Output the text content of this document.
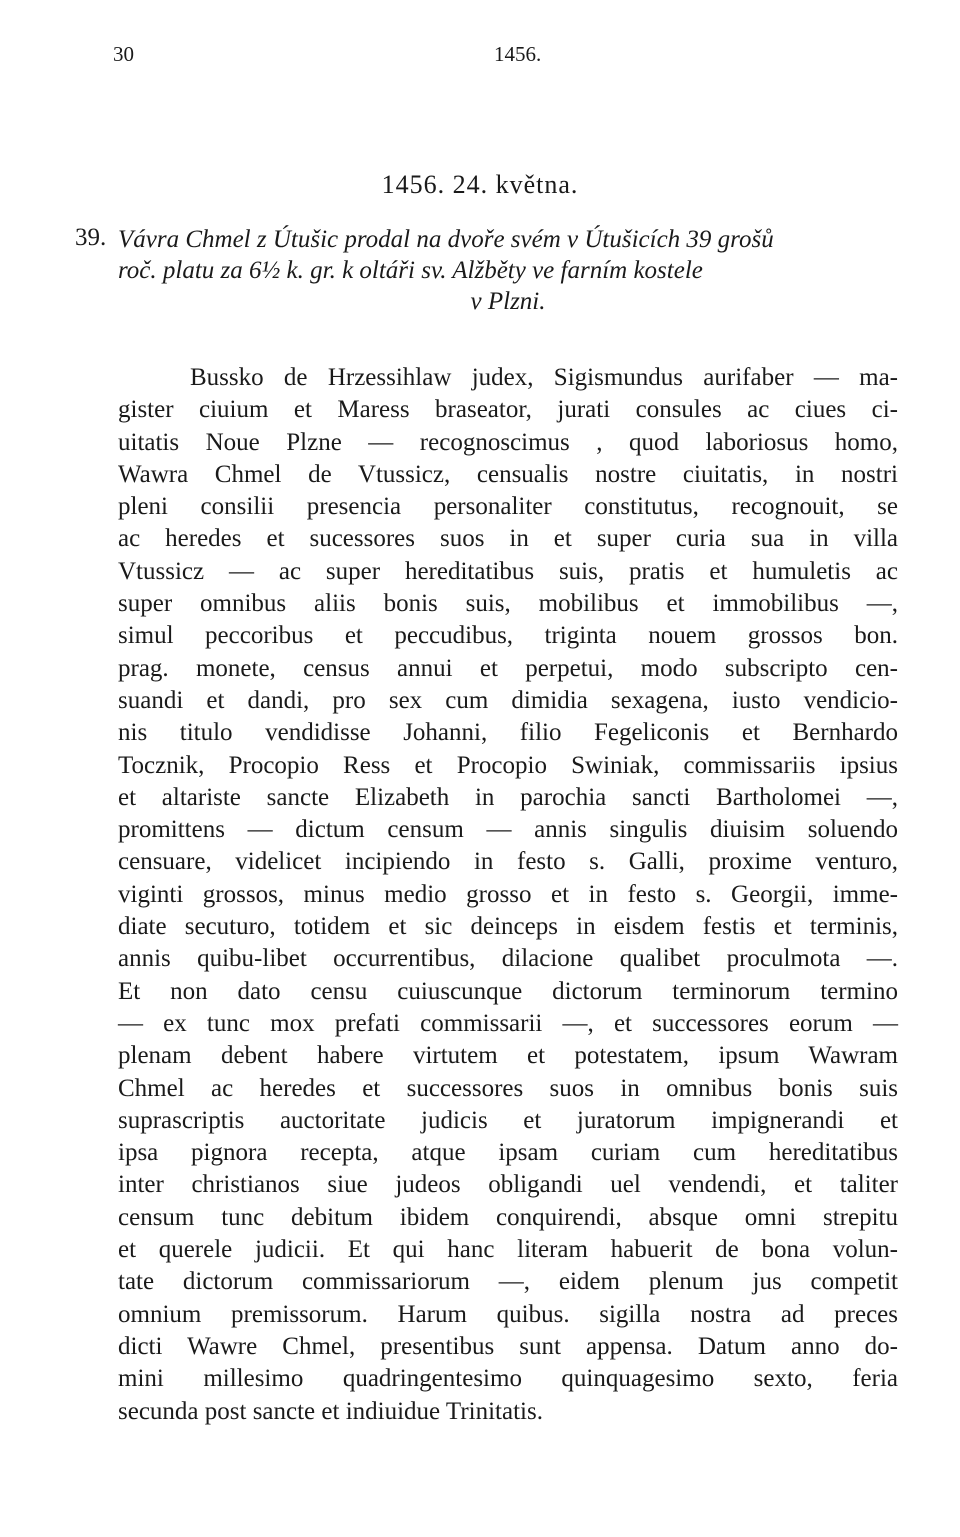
30	1456.
1456. 24. května.
39. Vávra Chmel z Útušic prodal na dvoře svém v Útušicích 39 grošů
roč. platu za 6½ k. gr. k oltáři sv. Alžběty ve farním kostele
v Plzni.
Bussko de Hrzessihlaw judex, Sigismundus aurifaber — ma-
gister ciuium et Maress braseator, jurati consules ac ciues ci-
uitatis Noue Plzne — recognoscimus , quod laboriosus homo,
Wawra Chmel de Vtussicz, censualis nostre ciuitatis, in nostri
pleni consilii presencia personaliter constitutus, recognouit, se
ac heredes et sucessores suos in et super curia sua in villa
Vtussicz — ac super hereditatibus suis, pratis et humuletis ac
super omnibus aliis bonis suis, mobilibus et immobilibus —,
simul peccoribus et peccudibus, triginta nouem grossos bon.
prag. monete, census annui et perpetui, modo subscripto cen-
suandi et dandi, pro sex cum dimidia sexagena, iusto vendicio-
nis titulo vendidisse Johanni, filio Fegeliconis et Bernhardo
Tocznik, Procopio Ress et Procopio Swiniak, commissariis ipsius
et altariste sancte Elizabeth in parochia sancti Bartholomei —,
promittens — dictum censum — annis singulis diuisim soluendo
censuare, videlicet incipiendo in festo s. Galli, proxime venturo,
viginti grossos, minus medio grosso et in festo s. Georgii, imme-
diate secuturo, totidem et sic deinceps in eisdem festis et terminis,
annis quibu-libet occurrentibus, dilacione qualibet proculmota —.
Et non dato censu cuiuscunque dictorum terminorum termino
— ex tunc mox prefati commissarii —, et successores eorum —
plenam debent habere virtutem et potestatem, ipsum Wawram
Chmel ac heredes et successores suos in omnibus bonis suis
suprascriptis auctoritate judicis et juratorum impignerandi et
ipsa pignora recepta, atque ipsam curiam cum hereditatibus
inter christianos siue judeos obligandi uel vendendi, et taliter
censum tunc debitum ibidem conquirendi, absque omni strepitu
et querele judicii. Et qui hanc literam habuerit de bona volun-
tate dictorum commissariorum —, eidem plenum jus competit
omnium premissorum. Harum quibus. sigilla nostra ad preces
dicti Wawre Chmel, presentibus sunt appensa. Datum anno do-
mini millesimo quadringentesimo quinquagesimo sexto, feria
secunda post sancte et indiuidue Trinitatis.
